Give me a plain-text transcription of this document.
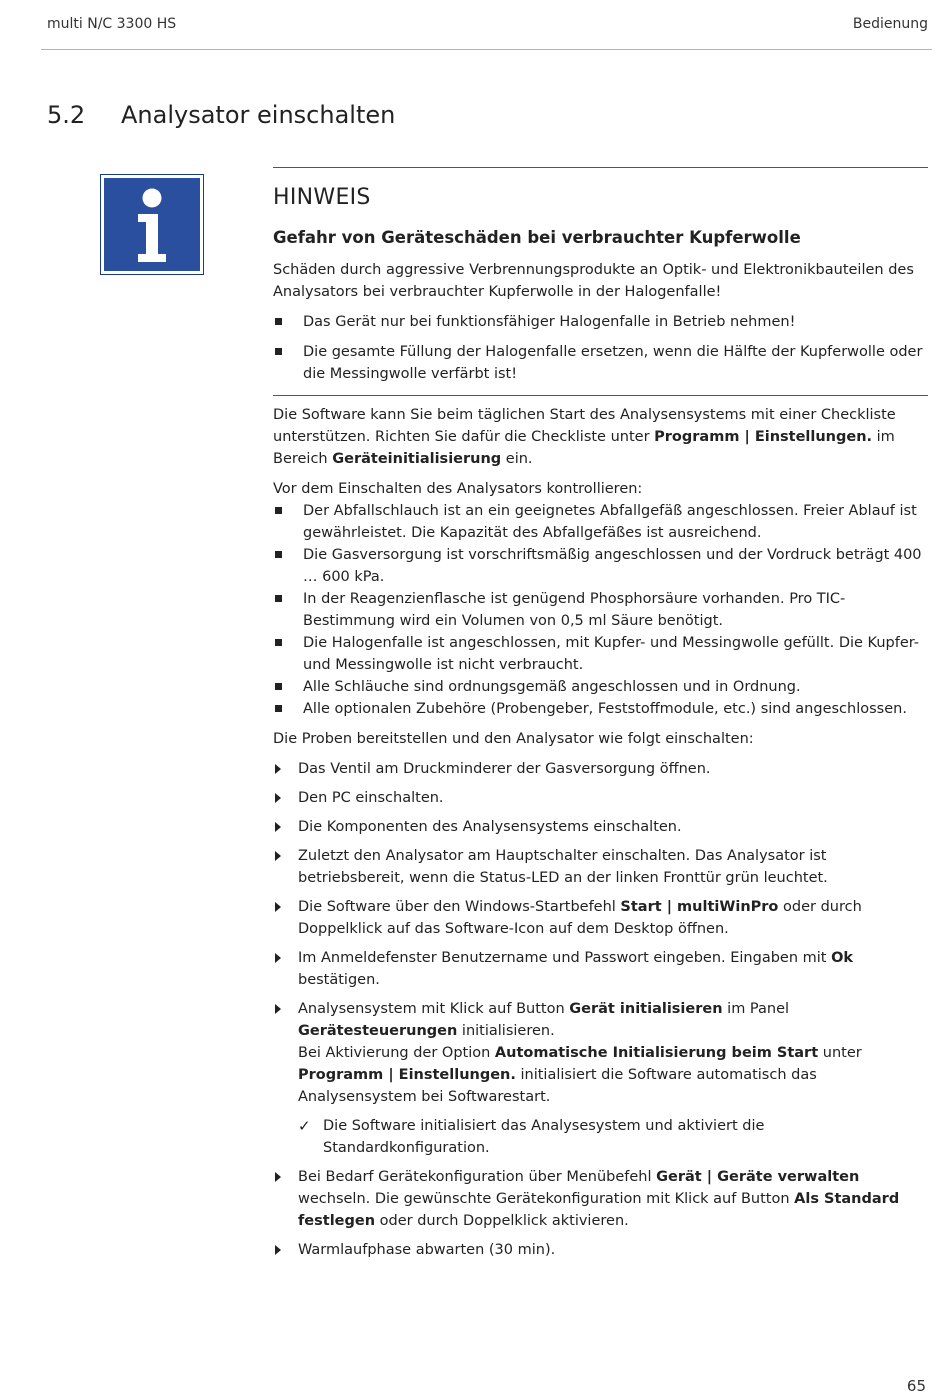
multi N/C 3300 HS	Bedienung
5.2 Analysator einschalten
HINWEIS
Gefahr von Geräteschäden bei verbrauchter Kupferwolle

Schäden durch aggressive Verbrennungsprodukte an Optik- und Elektronikbauteilen des Analysators bei verbrauchter Kupferwolle in der Halogenfalle!

Das Gerät nur bei funktionsfähiger Halogenfalle in Betrieb nehmen!
Die gesamte Füllung der Halogenfalle ersetzen, wenn die Hälfte der Kupferwolle oder die Messingwolle verfärbt ist!

Die Software kann Sie beim täglichen Start des Analysensystems mit einer Checkliste unterstützen. Richten Sie dafür die Checkliste unter Programm | Einstellungen. im Bereich Geräteinitialisierung ein.

Vor dem Einschalten des Analysators kontrollieren:

Der Abfallschlauch ist an ein geeignetes Abfallgefäß angeschlossen. Freier Ablauf ist gewährleistet. Die Kapazität des Abfallgefäßes ist ausreichend.
Die Gasversorgung ist vorschriftsmäßig angeschlossen und der Vordruck beträgt 400 … 600 kPa.
In der Reagenzienflasche ist genügend Phosphorsäure vorhanden. Pro TIC-Bestimmung wird ein Volumen von 0,5 ml Säure benötigt.
Die Halogenfalle ist angeschlossen, mit Kupfer- und Messingwolle gefüllt. Die Kupfer- und Messingwolle ist nicht verbraucht.
Alle Schläuche sind ordnungsgemäß angeschlossen und in Ordnung.
Alle optionalen Zubehöre (Probengeber, Feststoffmodule, etc.) sind angeschlossen.

Die Proben bereitstellen und den Analysator wie folgt einschalten:

Das Ventil am Druckminderer der Gasversorgung öffnen.
Den PC einschalten.
Die Komponenten des Analysensystems einschalten.
Zuletzt den Analysator am Hauptschalter einschalten. Das Analysator ist betriebsbereit, wenn die Status-LED an der linken Fronttür grün leuchtet.
Die Software über den Windows-Startbefehl Start | multiWinPro oder durch Doppelklick auf das Software-Icon auf dem Desktop öffnen.
Im Anmeldefenster Benutzername und Passwort eingeben. Eingaben mit Ok bestätigen.
Analysensystem mit Klick auf Button Gerät initialisieren im Panel Gerätesteuerungen initialisieren.
Bei Aktivierung der Option Automatische Initialisierung beim Start unter Programm | Einstellungen. initialisiert die Software automatisch das Analysensystem bei Softwarestart.
✓ Die Software initialisiert das Analysesystem und aktiviert die Standardkonfiguration.
Bei Bedarf Gerätekonfiguration über Menübefehl Gerät | Geräte verwalten wechseln. Die gewünschte Gerätekonfiguration mit Klick auf Button Als Standard festlegen oder durch Doppelklick aktivieren.
Warmlaufphase abwarten (30 min).
65
